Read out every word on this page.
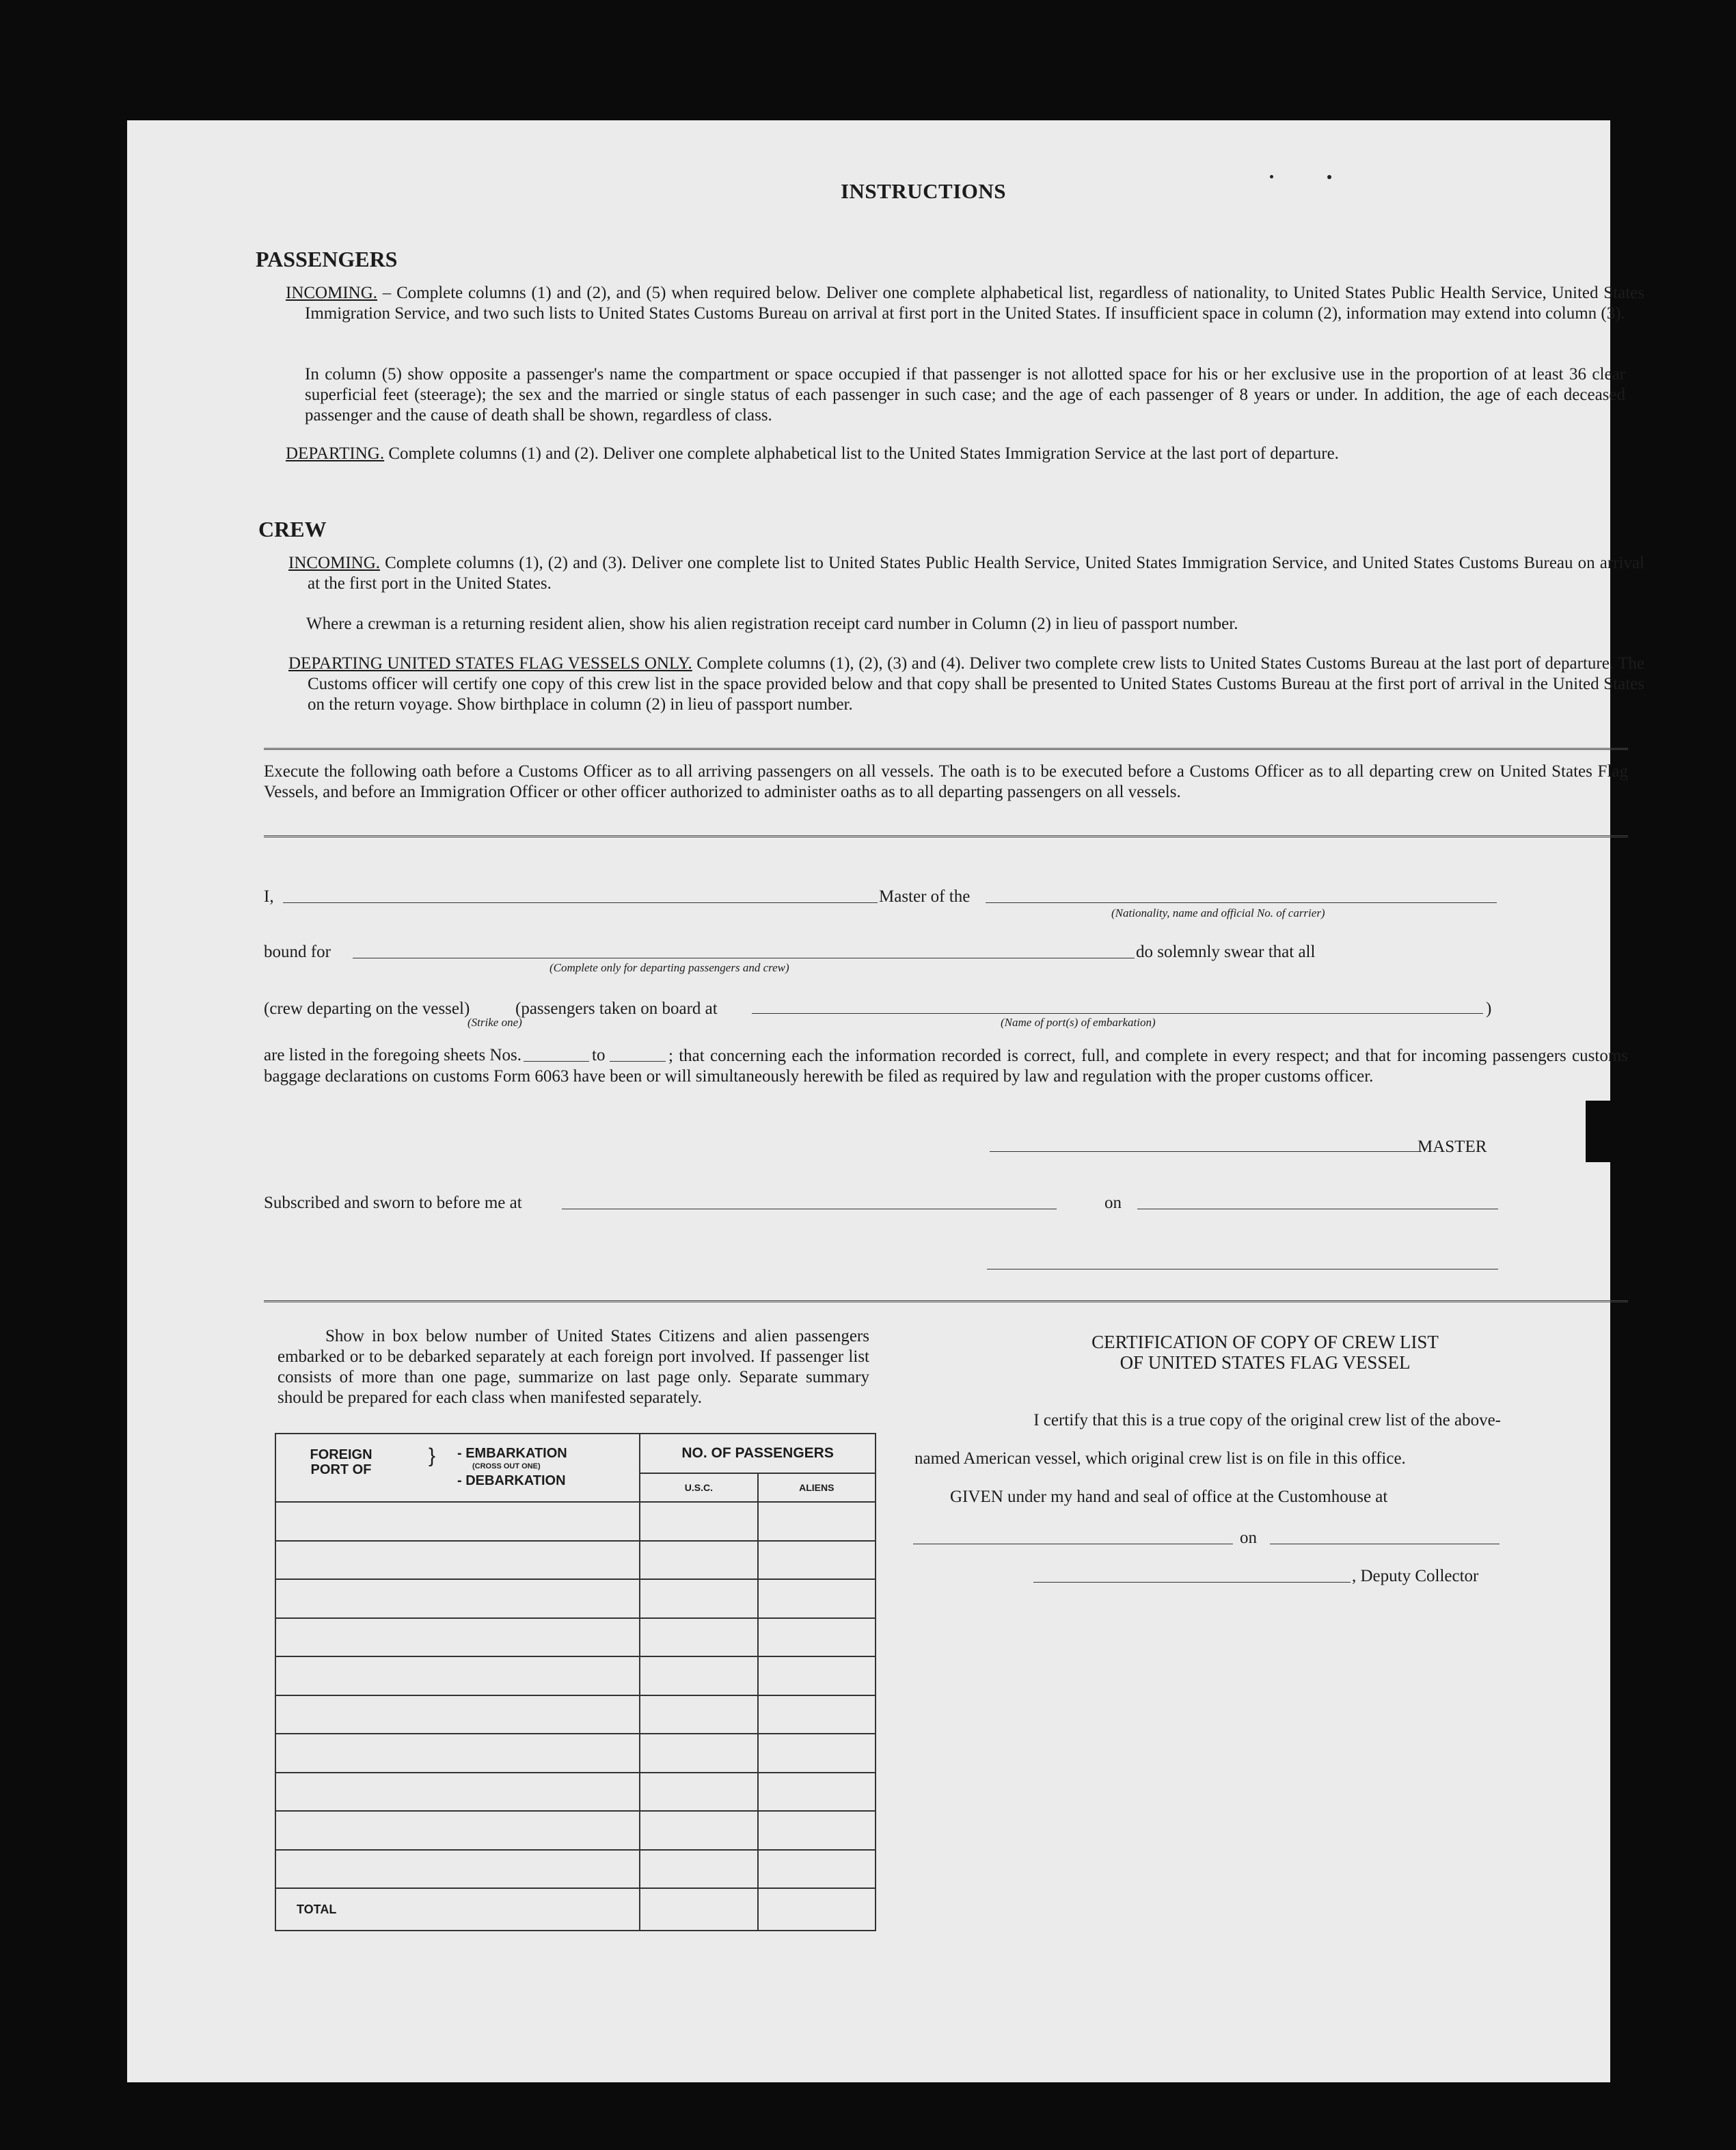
INSTRUCTIONS
PASSENGERS
INCOMING. – Complete columns (1) and (2), and (5) when required below. Deliver one complete alphabetical list, regardless of nationality, to United States Public Health Service, United States Immigration Service, and two such lists to United States Customs Bureau on arrival at first port in the United States. If insufficient space in column (2), information may extend into column (3).
In column (5) show opposite a passenger's name the compartment or space occupied if that passenger is not allotted space for his or her exclusive use in the proportion of at least 36 clear superficial feet (steerage); the sex and the married or single status of each passenger in such case; and the age of each passenger of 8 years or under. In addition, the age of each deceased passenger and the cause of death shall be shown, regardless of class.
DEPARTING. Complete columns (1) and (2). Deliver one complete alphabetical list to the United States Immigration Service at the last port of departure.
CREW
INCOMING. Complete columns (1), (2) and (3). Deliver one complete list to United States Public Health Service, United States Immigration Service, and United States Customs Bureau on arrival at the first port in the United States.
Where a crewman is a returning resident alien, show his alien registration receipt card number in Column (2) in lieu of passport number.
DEPARTING UNITED STATES FLAG VESSELS ONLY. Complete columns (1), (2), (3) and (4). Deliver two complete crew lists to United States Customs Bureau at the last port of departure. The Customs officer will certify one copy of this crew list in the space provided below and that copy shall be presented to United States Customs Bureau at the first port of arrival in the United States on the return voyage. Show birthplace in column (2) in lieu of passport number.
Execute the following oath before a Customs Officer as to all arriving passengers on all vessels. The oath is to be executed before a Customs Officer as to all departing crew on United States Flag Vessels, and before an Immigration Officer or other officer authorized to administer oaths as to all departing passengers on all vessels.
I,	Master of the
(Nationality, name and official No. of carrier)
bound for	do solemnly swear that all
(Complete only for departing passengers and crew)
(crew departing on the vessel)
(Strike one)
(passengers taken on board at	)
(Name of port(s) of embarkation)
are listed in the foregoing sheets Nos.	to	; that concerning each the information recorded is correct, full, and complete in every respect; and that for incoming passengers customs baggage declarations on customs Form 6063 have been or will simultaneously herewith be filed as required by law and regulation with the proper customs officer.
MASTER
Subscribed and sworn to before me at	on
Show in box below number of United States Citizens and alien passengers embarked or to be debarked separately at each foreign port involved. If passenger list consists of more than one page, summarize on last page only. Separate summary should be prepared for each class when manifested separately.
FOREIGN PORT OF
} - EMBARKATION
(CROSS OUT ONE)
- DEBARKATION	NO. OF PASSENGERS	
	U.S.C.	ALIENS

TOTAL		
CERTIFICATION OF COPY OF CREW LIST
OF UNITED STATES FLAG VESSEL
I certify that this is a true copy of the original crew list of the above-
named American vessel, which original crew list is on file in this office.
GIVEN under my hand and seal of office at the Customhouse at
on
, Deputy Collector
